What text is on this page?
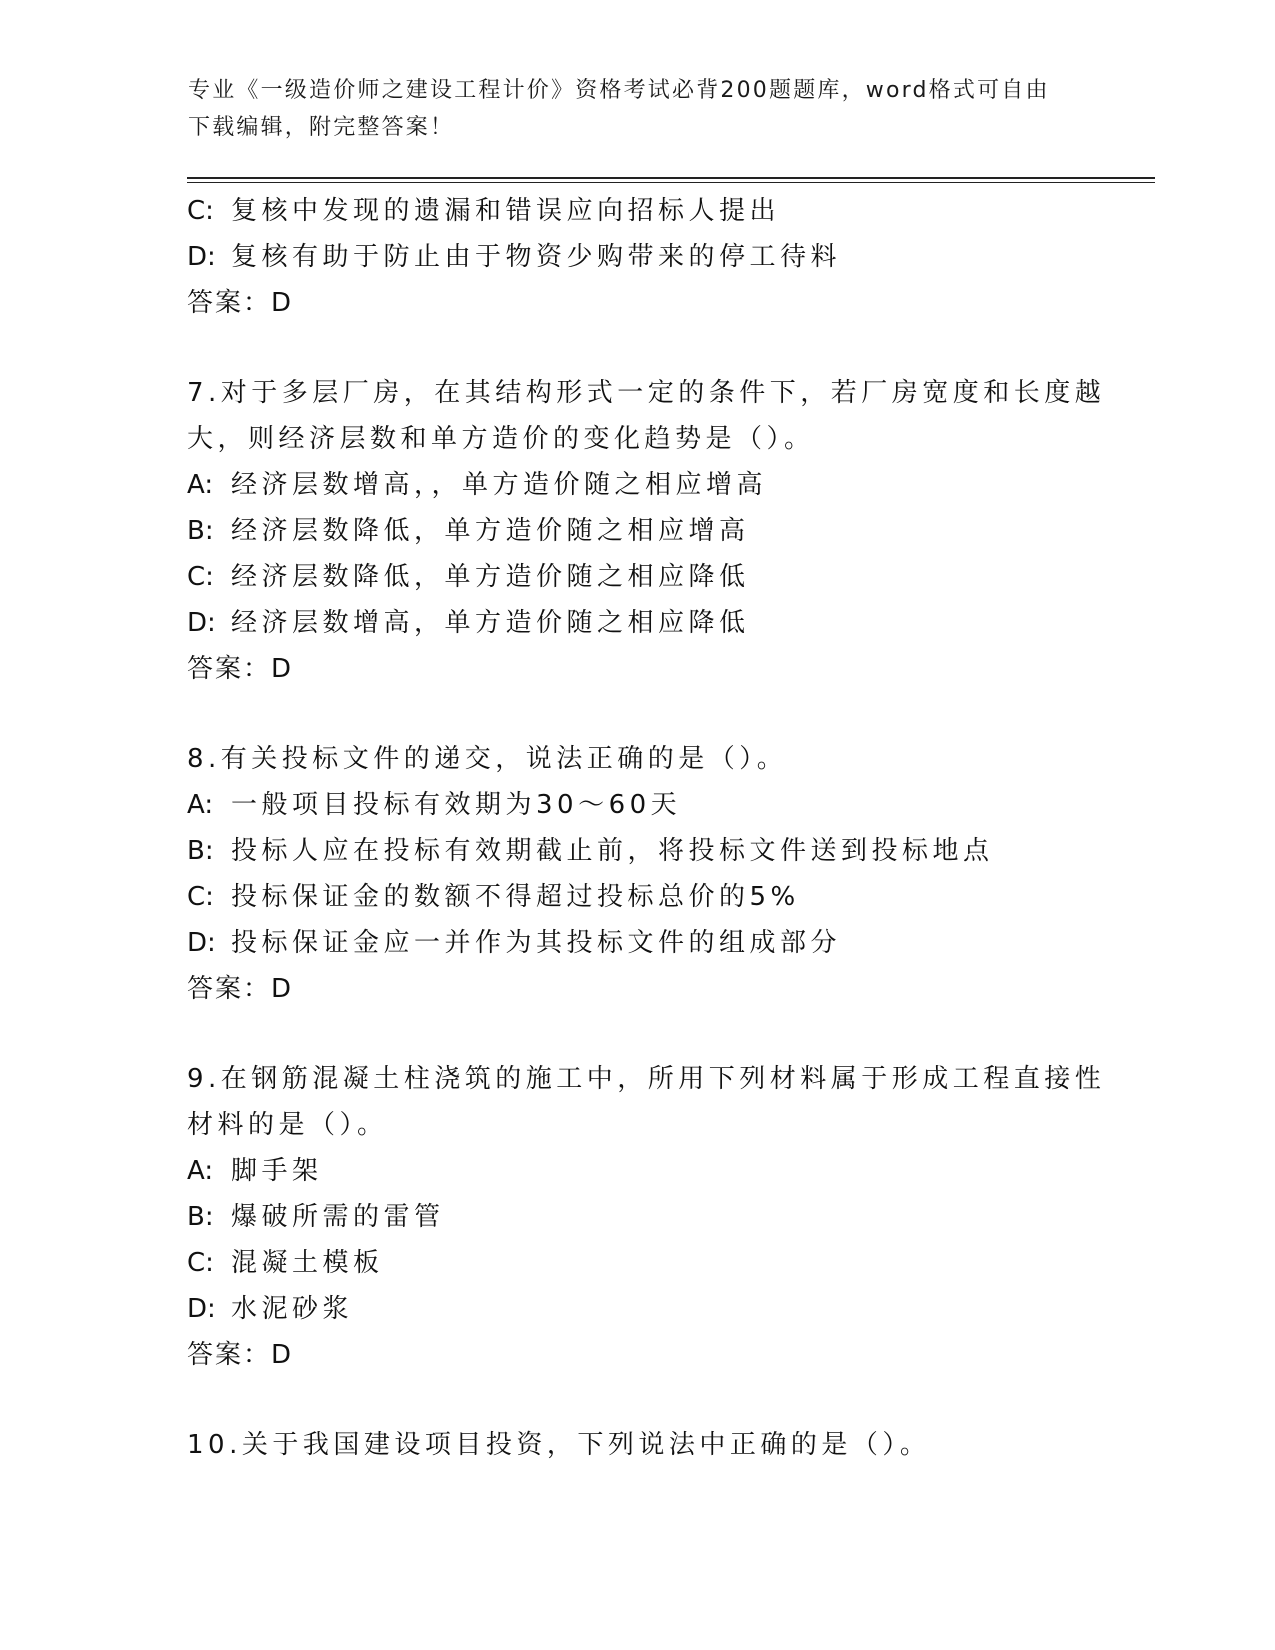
专业《一级造价师之建设工程计价》资格考试必背200题题库，word格式可自由
下载编辑，附完整答案！
C: 复核中发现的遗漏和错误应向招标人提出
D: 复核有助于防止由于物资少购带来的停工待料
答案：D
7.对于多层厂房，在其结构形式一定的条件下，若厂房宽度和长度越
大，则经济层数和单方造价的变化趋势是（）。
A: 经济层数增高，，单方造价随之相应增高
B: 经济层数降低，单方造价随之相应增高
C: 经济层数降低，单方造价随之相应降低
D: 经济层数增高，单方造价随之相应降低
答案：D
8.有关投标文件的递交，说法正确的是（）。
A: 一般项目投标有效期为30～60天
B: 投标人应在投标有效期截止前，将投标文件送到投标地点
C: 投标保证金的数额不得超过投标总价的5%
D: 投标保证金应一并作为其投标文件的组成部分
答案：D
9.在钢筋混凝土柱浇筑的施工中，所用下列材料属于形成工程直接性
材料的是（）。
A: 脚手架
B: 爆破所需的雷管
C: 混凝土模板
D: 水泥砂浆
答案：D
10.关于我国建设项目投资，下列说法中正确的是（）。
